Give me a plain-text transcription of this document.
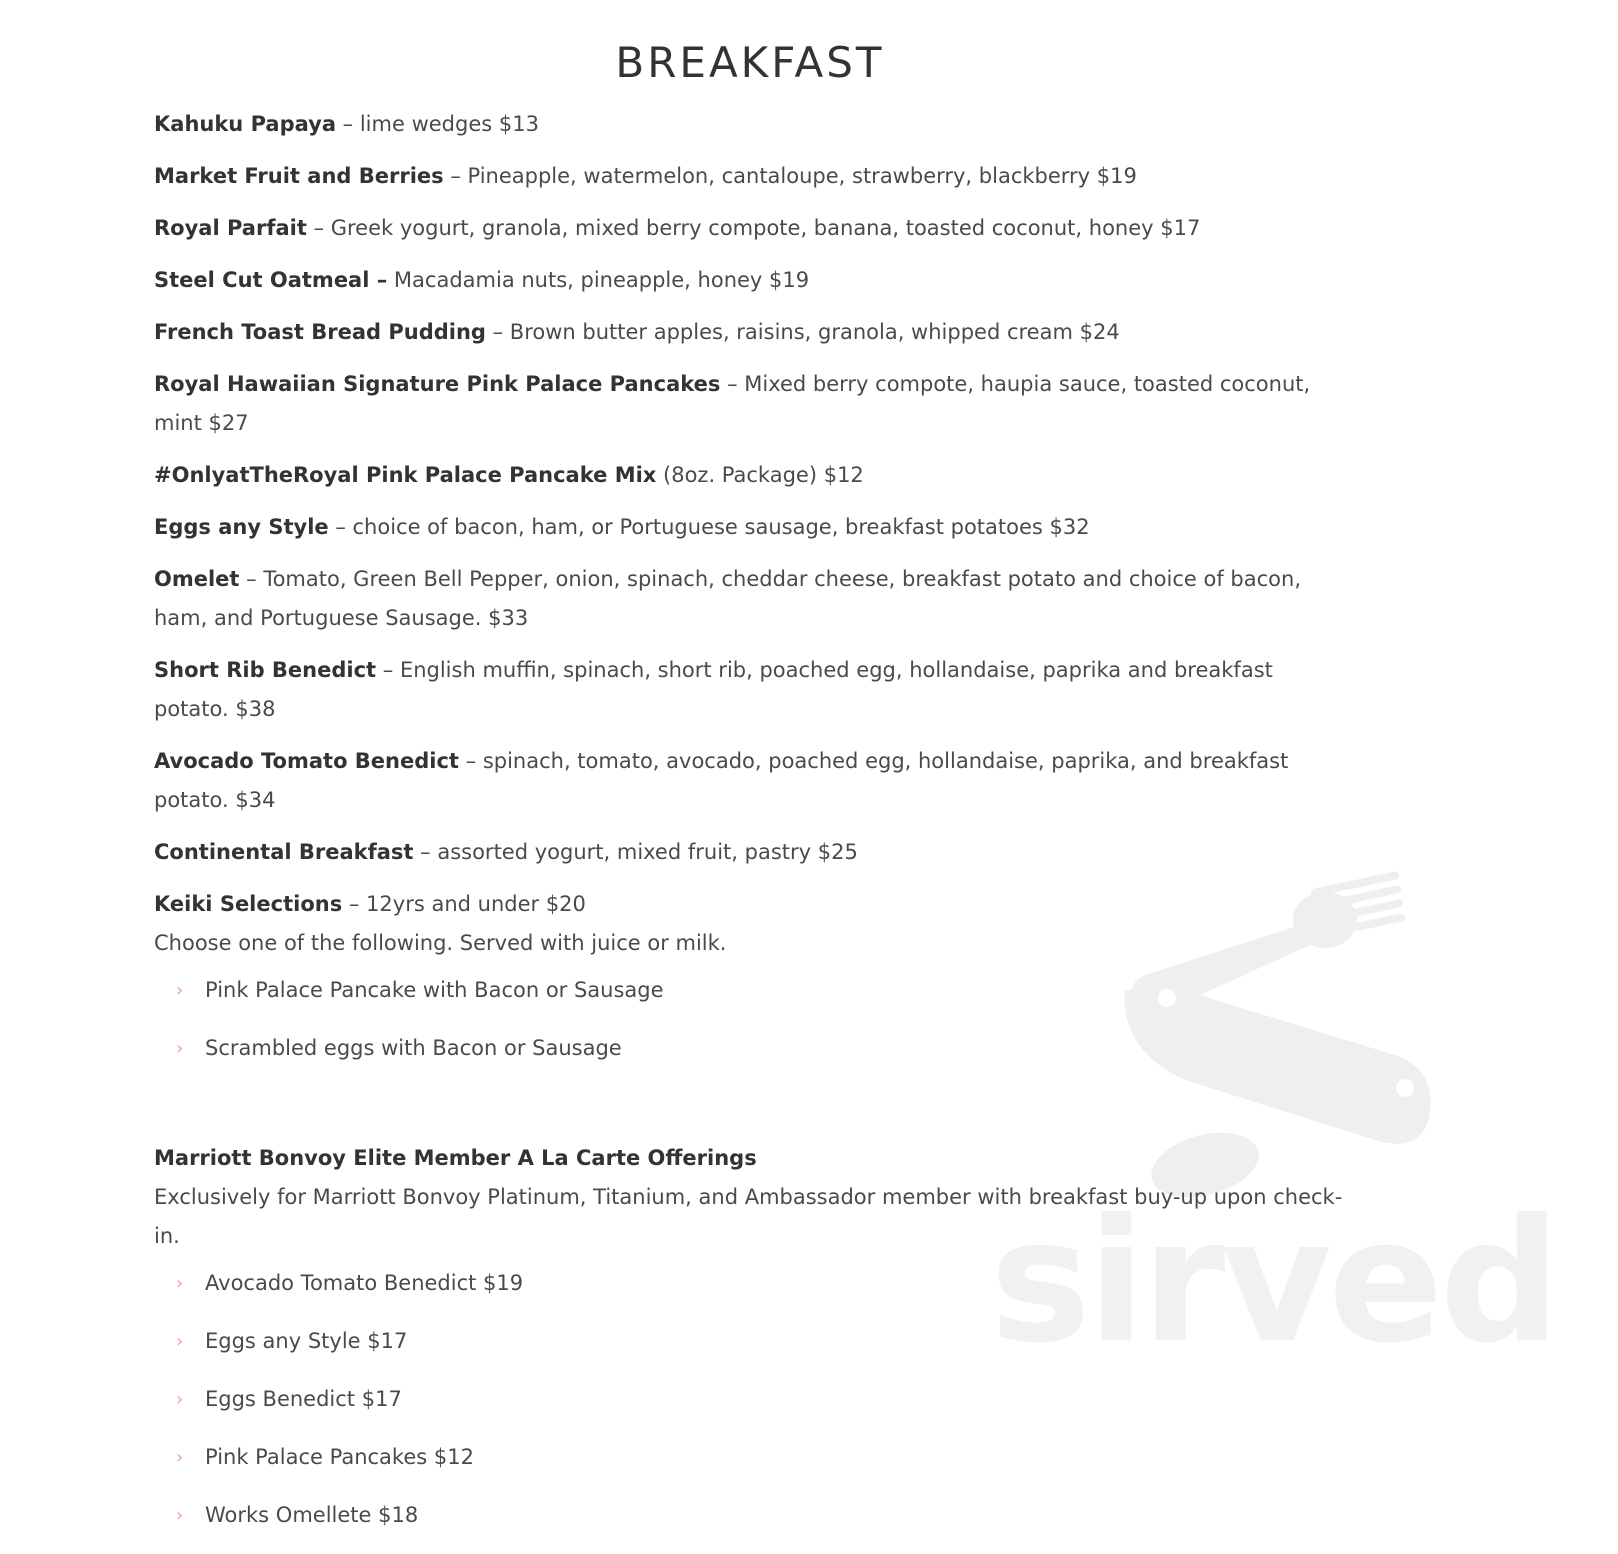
sirved
BREAKFAST

Kahuku Papaya – lime wedges $13

Market Fruit and Berries – Pineapple, watermelon, cantaloupe, strawberry, blackberry $19

Royal Parfait – Greek yogurt, granola, mixed berry compote, banana, toasted coconut, honey $17

Steel Cut Oatmeal – Macadamia nuts, pineapple, honey $19

French Toast Bread Pudding – Brown butter apples, raisins, granola, whipped cream $24

Royal Hawaiian Signature Pink Palace Pancakes – Mixed berry compote, haupia sauce, toasted coconut, mint $27

#OnlyatTheRoyal Pink Palace Pancake Mix (8oz. Package) $12

Eggs any Style – choice of bacon, ham, or Portuguese sausage, breakfast potatoes $32

Omelet – Tomato, Green Bell Pepper, onion, spinach, cheddar cheese, breakfast potato and choice of bacon, ham, and Portuguese Sausage. $33

Short Rib Benedict – English muffin, spinach, short rib, poached egg, hollandaise, paprika and breakfast potato. $38

Avocado Tomato Benedict – spinach, tomato, avocado, poached egg, hollandaise, paprika, and breakfast potato. $34

Continental Breakfast – assorted yogurt, mixed fruit, pastry $25

Keiki Selections – 12yrs and under $20

Choose one of the following. Served with juice or milk.

› Pink Palace Pancake with Bacon or Sausage
› Scrambled eggs with Bacon or Sausage

Marriott Bonvoy Elite Member A La Carte Offerings

Exclusively for Marriott Bonvoy Platinum, Titanium, and Ambassador member with breakfast buy-up upon check-in.

› Avocado Tomato Benedict $19
› Eggs any Style $17
› Eggs Benedict $17
› Pink Palace Pancakes $12
› Works Omellete $18
